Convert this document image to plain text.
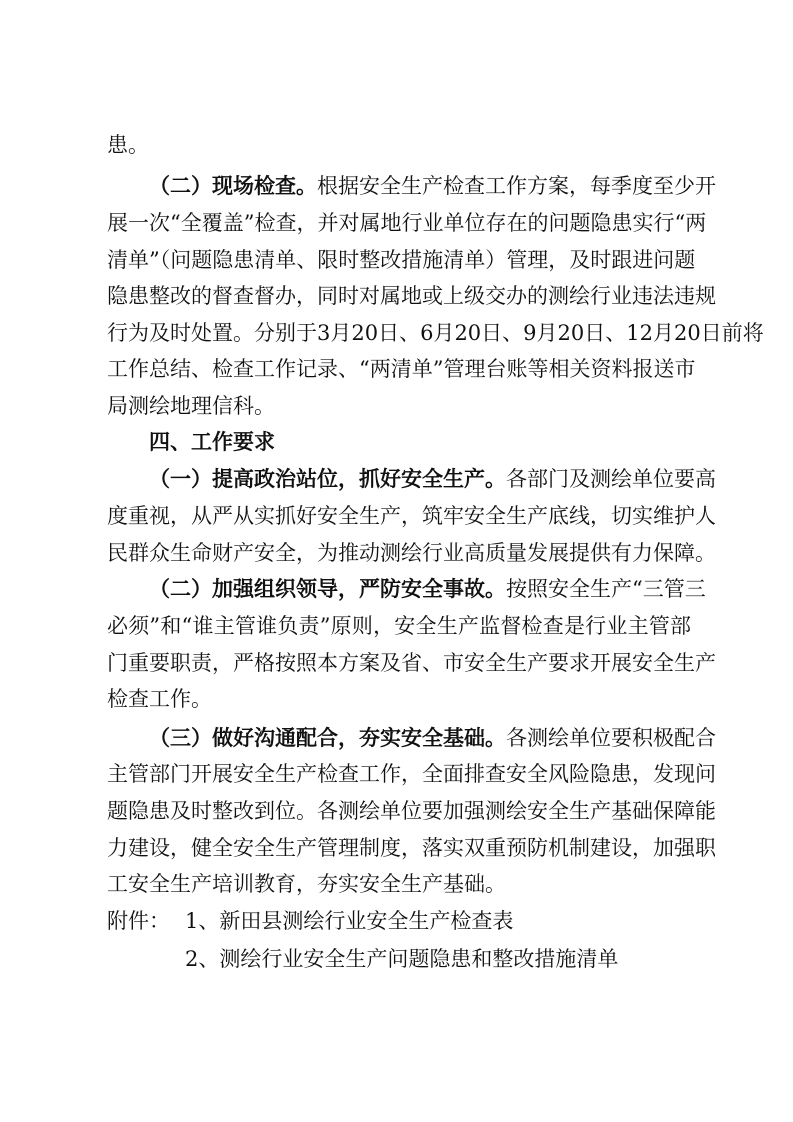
患。
（二）现场检查。根据安全生产检查工作方案，每季度至少开
展一次“全覆盖”检查，并对属地行业单位存在的问题隐患实行“两
清单”（问题隐患清单、限时整改措施清单）管理，及时跟进问题
隐患整改的督查督办，同时对属地或上级交办的测绘行业违法违规
行为及时处置。分别于3月20日、6月20日、9月20日、12月20日前将
工作总结、检查工作记录、“两清单”管理台账等相关资料报送市
局测绘地理信科。
四、工作要求
（一）提高政治站位，抓好安全生产。各部门及测绘单位要高
度重视，从严从实抓好安全生产，筑牢安全生产底线，切实维护人
民群众生命财产安全，为推动测绘行业高质量发展提供有力保障。
（二）加强组织领导，严防安全事故。按照安全生产“三管三
必须”和“谁主管谁负责”原则，安全生产监督检查是行业主管部
门重要职责，严格按照本方案及省、市安全生产要求开展安全生产
检查工作。
（三）做好沟通配合，夯实安全基础。各测绘单位要积极配合
主管部门开展安全生产检查工作，全面排查安全风险隐患，发现问
题隐患及时整改到位。各测绘单位要加强测绘安全生产基础保障能
力建设，健全安全生产管理制度，落实双重预防机制建设，加强职
工安全生产培训教育，夯实安全生产基础。
附件： 1、新田县测绘行业安全生产检查表
2、测绘行业安全生产问题隐患和整改措施清单
